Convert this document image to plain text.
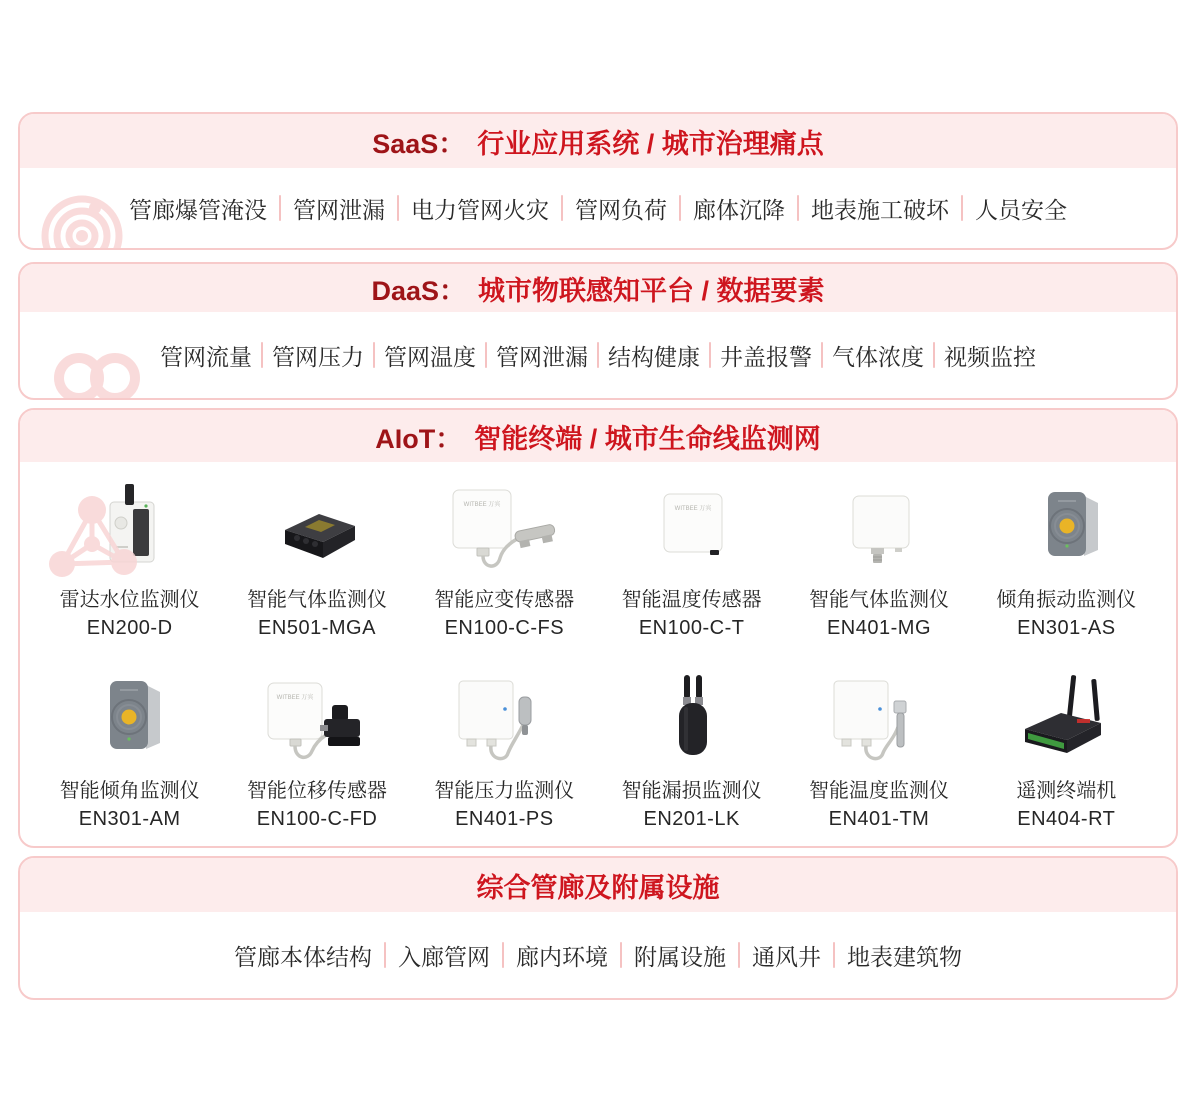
SaaS： 行业应用系统 / 城市治理痛点
管廊爆管淹没 管网泄漏 电力管网火灾 管网负荷 廊体沉降 地表施工破坏 人员安全
DaaS： 城市物联感知平台 / 数据要素
管网流量 管网压力 管网温度 管网泄漏 结构健康 井盖报警 气体浓度 视频监控
AIoT： 智能终端 / 城市生命线监测网
雷达水位监测仪
EN200-D
智能气体监测仪
EN501-MGA
WITBEE 万宾
智能应变传感器
EN100-C-FS
WITBEE 万宾
智能温度传感器
EN100-C-T
智能气体监测仪
EN401-MG
倾角振动监测仪
EN301-AS
智能倾角监测仪
EN301-AM
WITBEE 万宾
智能位移传感器
EN100-C-FD
智能压力监测仪
EN401-PS
智能漏损监测仪
EN201-LK
智能温度监测仪
EN401-TM
遥测终端机
EN404-RT
综合管廊及附属设施
管廊本体结构 入廊管网 廊内环境 附属设施 通风井 地表建筑物
